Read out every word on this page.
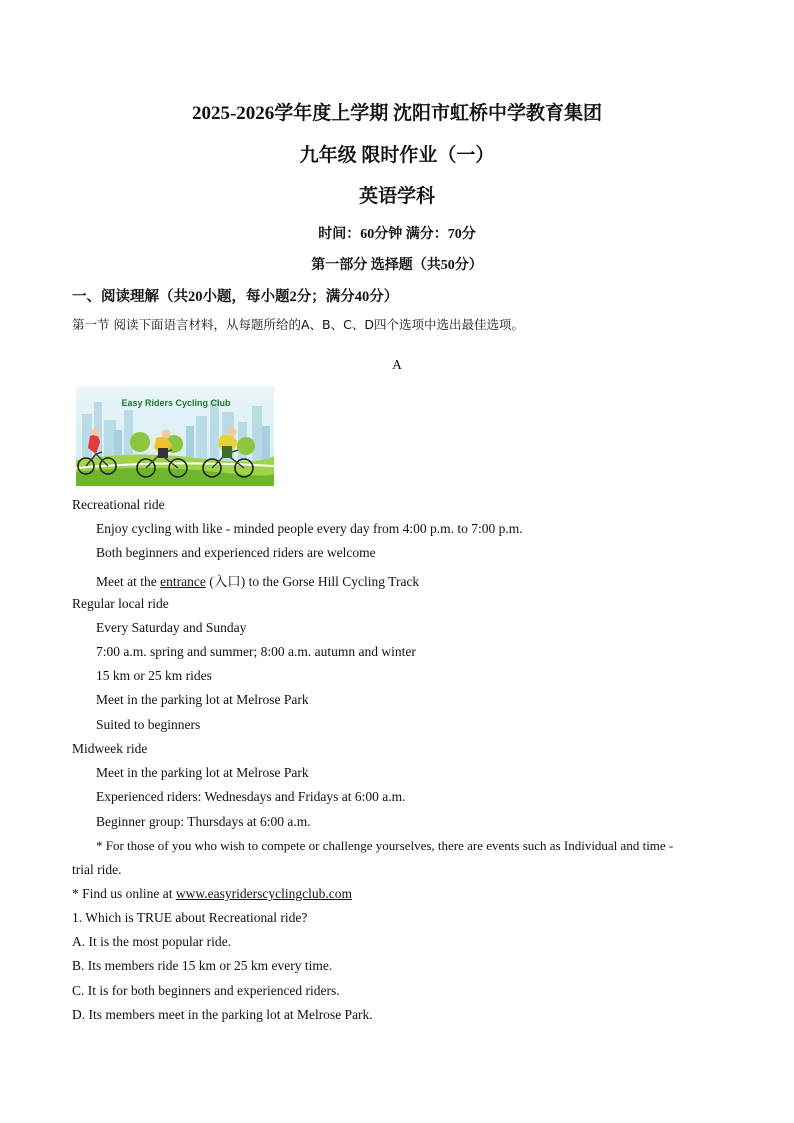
2025-2026学年度上学期 沈阳市虹桥中学教育集团
九年级 限时作业（一）
英语学科
时间：60分钟 满分：70分
第一部分 选择题（共50分）
一、阅读理解（共20小题，每小题2分；满分40分）
第一节 阅读下面语言材料，从每题所给的A、B、C、D四个选项中选出最佳选项。
A
Easy Riders Cycling Club
Recreational ride
Enjoy cycling with like - minded people every day from 4:00 p.m. to 7:00 p.m.
Both beginners and experienced riders are welcome
Meet at the entrance (入口) to the Gorse Hill Cycling Track
Regular local ride
Every Saturday and Sunday
7:00 a.m. spring and summer; 8:00 a.m. autumn and winter
15 km or 25 km rides
Meet in the parking lot at Melrose Park
Suited to beginners
Midweek ride
Meet in the parking lot at Melrose Park
Experienced riders: Wednesdays and Fridays at 6:00 a.m.
Beginner group: Thursdays at 6:00 a.m.
* For those of you who wish to compete or challenge yourselves, there are events such as Individual and time -
trial ride.
* Find us online at www.easyriderscyclingclub.com
1. Which is TRUE about Recreational ride?
A. It is the most popular ride.
B. Its members ride 15 km or 25 km every time.
C. It is for both beginners and experienced riders.
D. Its members meet in the parking lot at Melrose Park.
